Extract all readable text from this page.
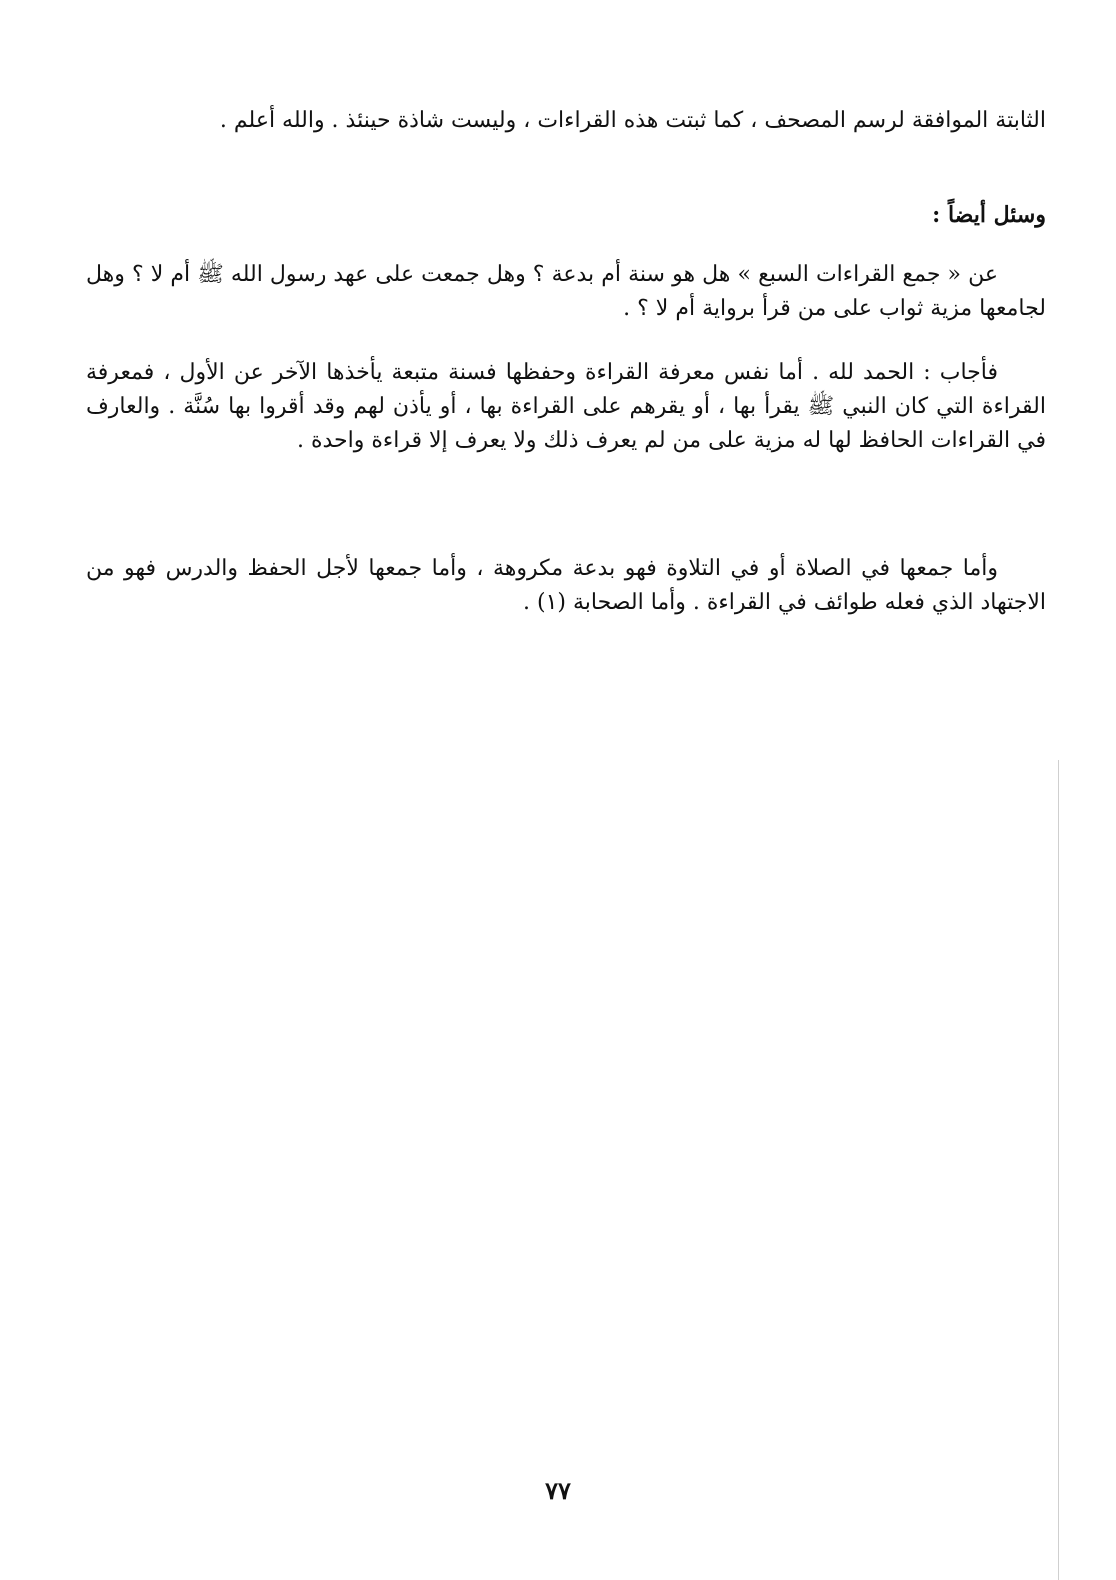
الثابتة الموافقة لرسم المصحف ، كما ثبتت هذه القراءات ، وليست شاذة حينئذ . والله أعلم .

وسئل أيضاً :

عن « جمع القراءات السبع » هل هو سنة أم بدعة ؟ وهل جمعت على عهد رسول الله ﷺ أم لا ؟ وهل لجامعها مزية ثواب على من قرأ برواية أم لا ؟ .

فأجاب : الحمد لله . أما نفس معرفة القراءة وحفظها فسنة متبعة يأخذها الآخر عن الأول ، فمعرفة القراءة التي كان النبي ﷺ يقرأ بها ، أو يقرهم على القراءة بها ، أو يأذن لهم وقد أقروا بها سُنَّة . والعارف في القراءات الحافظ لها له مزية على من لم يعرف ذلك ولا يعرف إلا قراءة واحدة .

وأما جمعها في الصلاة أو في التلاوة فهو بدعة مكروهة ، وأما جمعها لأجل الحفظ والدرس فهو من الاجتهاد الذي فعله طوائف في القراءة . وأما الصحابة (١) .

٧٧
